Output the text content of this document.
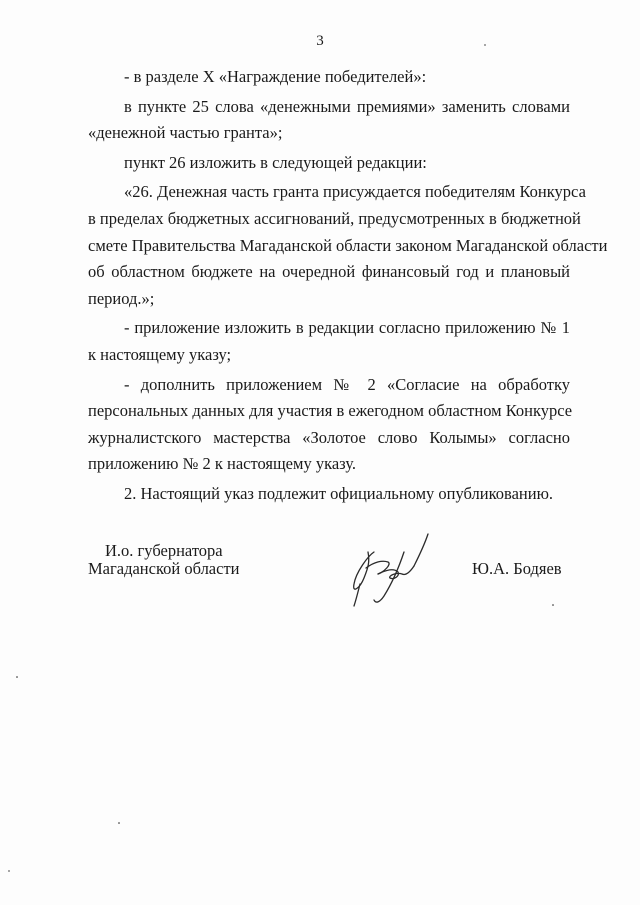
3
- в разделе X «Награждение победителей»:
в пункте 25 слова «денежными премиями» заменить словами
«денежной частью гранта»;
пункт 26 изложить в следующей редакции:
«26. Денежная часть гранта присуждается победителям Конкурса
в пределах бюджетных ассигнований, предусмотренных в бюджетной
смете Правительства Магаданской области законом Магаданской области
об областном бюджете на очередной финансовый год и плановый
период.»;
- приложение изложить в редакции согласно приложению № 1
к настоящему указу;
- дополнить приложением № 2 «Согласие на обработку
персональных данных для участия в ежегодном областном Конкурсе
журналистского мастерства «Золотое слово Колымы» согласно
приложению № 2 к настоящему указу.
2. Настоящий указ подлежит официальному опубликованию.
И.о. губернатора
Магаданской области	Ю.А. Бодяев
